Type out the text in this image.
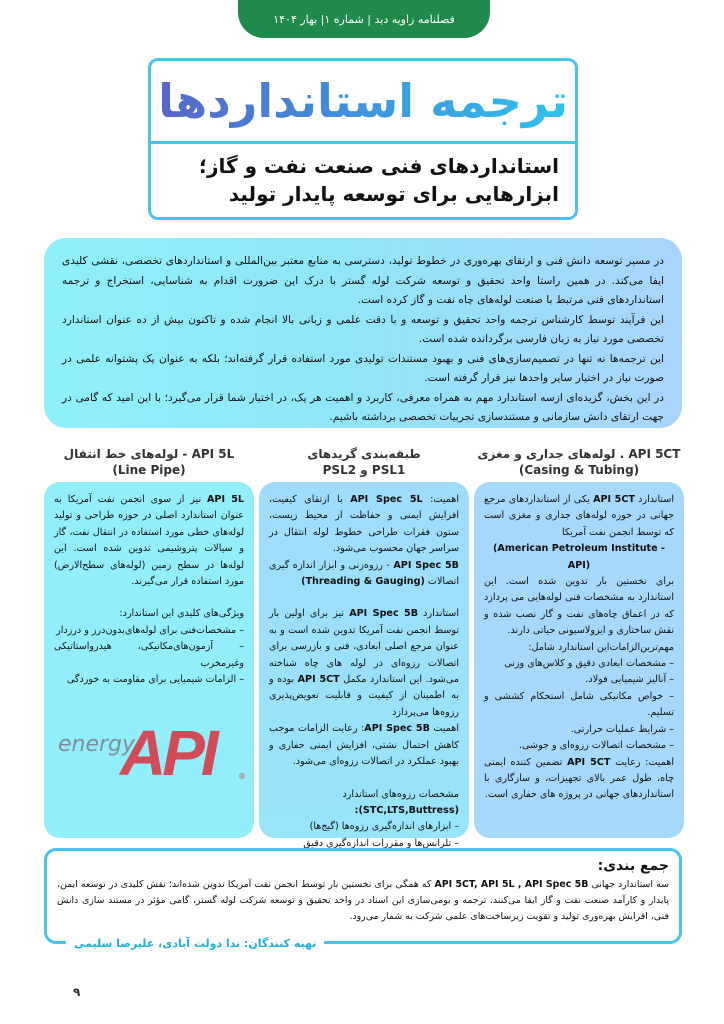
فصلنامه زاویه دید | شماره ۱| بهار ۱۴۰۴
ترجمه استانداردها
استانداردهای فنی صنعت نفت و گاز؛
ابزارهایی برای توسعه پایدار تولید

در مسیر توسعه دانش فنی و ارتقای بهره‌وری در خطوط تولید، دسترسی به منابع معتبر بین‌المللی و استانداردهای تخصصی، نقشی کلیدی ایفا می‌کند. در همین راستا واحد تحقیق و توسعه شرکت لوله گستر با درک این ضرورت اقدام به شناسایی، استخراج و ترجمه استانداردهای فنی مرتبط با صنعت لوله‌های چاه نفت و گاز کرده است.

این فرآیند توسط کارشناس ترجمه واحد تحقیق و توسعه و با دقت علمی و زبانی بالا انجام شده و تاکنون بیش از ده عنوان استاندارد تخصصی مورد نیاز به زبان فارسی برگردانده شده است.

این ترجمه‌ها نه تنها در تصمیم‌سازی‌های فنی و بهبود مستندات تولیدی مورد استفاده قرار گرفته‌اند؛ بلکه به عنوان یک پشتوانه علمی در صورت نیاز در اختیار سایر واحدها نیز قرار گرفته است.

در این بخش، گزیده‌ای ازسه استاندارد مهم به همراه معرفی، کاربرد و اهمیت هر یک، در اختیار شما قرار می‌گیرد؛ با این امید که گامی در جهت ارتقای دانش سازمانی و مستندسازی تجربیات تخصصی برداشته باشیم.

API 5CT . لوله‌های جداری و مغزی
(Casing & Tubing)

استاندارد API 5CT یکی از استانداردهای مرجع جهانی در حوزه لوله‌های جداری و مغزی است که توسط انجمن نفت آمریکا
(American Petroleum Institute - API)
برای نخستین بار تدوین شده است. این استاندارد به مشخصات فنی لوله‌هایی می پردازد که در اعماق چاه‌های نفت و گاز نصب شده و نقش ساختاری و ایزولاسیونی حیاتی دارند.

مهم‌ترین‌الزامات‌این استاندارد شامل:

– مشخصات ابعادی دقیق و کلاس‌های وزنی

– آنالیز شیمیایی فولاد.

– خواص مکانیکی شامل استحکام کششی و تسلیم.

– شرایط عملیات حرارتی.

– مشخصات اتصالات رزوه‌ای و جوشی.

اهمیت: رعایت API 5CT تضمین کننده ایمنی چاه، طول عمر بالای تجهیزات، و سازگاری با استانداردهای جهانی در پروژه های حفاری است.

طبقه‌بندی گریدهای
PSL1 و PSL2

اهمیت: API Spec 5L با ارتقای کیفیت، افزایش ایمنی و حفاظت از محیط زیست، ستون فقرات طراحی خطوط لوله انتقال در سراسر جهان محسوب می‌شود.

API Spec 5B - رزوه‌زنی و ابزار اندازه گیری اتصالات (Threading & Gauging)

استاندارد API Spec 5B نیز برای اولین بار توسط انجمن نفت آمریکا تدوین شده است و به عنوان مرجع اصلی ابعادی، فنی و بازرسی برای اتصالات رزوه‌ای در لوله های چاه شناخته می‌شود. این استاندارد مکمل API 5CT بوده و به اطمینان از کیفیت و قابلیت تعویض‌پذیری رزوه‌ها می‌پردازد

اهمیت API Spec 5B: رعایت الزامات موجب کاهش احتمال نشتی، افزایش ایمنی حفاری و بهبود عملکرد در اتصالات رزوه‌ای می‌شود.

مشخصات رزوه‌های استاندارد

(STC,LTS,Buttress):

– ابزارهای اندازه‌گیری رزوه‌ها (گیج‌ها)

– تلرانس‌ها و مقررات اندازه‌گیری دقیق

API 5L - لوله‌های خط انتقال
(Line Pipe)

API 5L نیز از سوی انجمن نفت آمریکا به عنوان استاندارد اصلی در حوزه طراحی و تولید لوله‌های خطی مورد استفاده در انتقال نفت، گاز و سیالات پتروشیمی تدوین شده است. این لوله‌ها در سطح زمین (لوله‌های سطح‌الارض) مورد استفاده قرار می‌گیرند.

ویژگی‌های کلیدی این استاندارد:

– مشخصات‌فنی برای لوله‌های‌بدون‌درز و درزدار

– آزمون‌های‌مکانیکی، هیدرواستاتیکی وغیرمخرب

– الزامات شیمیایی برای مقاومت به خوردگی

energy
API	®
جمع بندی:
سه استاندارد جهانی API 5CT, API 5L , API Spec 5B که همگی برای نخستین بار توسط انجمن نفت آمریکا تدوین شده‌اند؛ نقش کلیدی در توسعه ایمن، پایدار و کارآمد صنعت نفت و گاز ایفا می‌کنند. ترجمه و بومی‌سازی این اسناد در واحد تحقیق و توسعه شرکت لوله گستر، گامی مؤثر در مستند سازی دانش فنی، افزایش بهره‌وری تولید و تقویت زیرساخت‌های علمی شرکت به شمار می‌رود.
تهیه کنندگان: ندا دولت آبادی، علیرضا سلیمی
۹
